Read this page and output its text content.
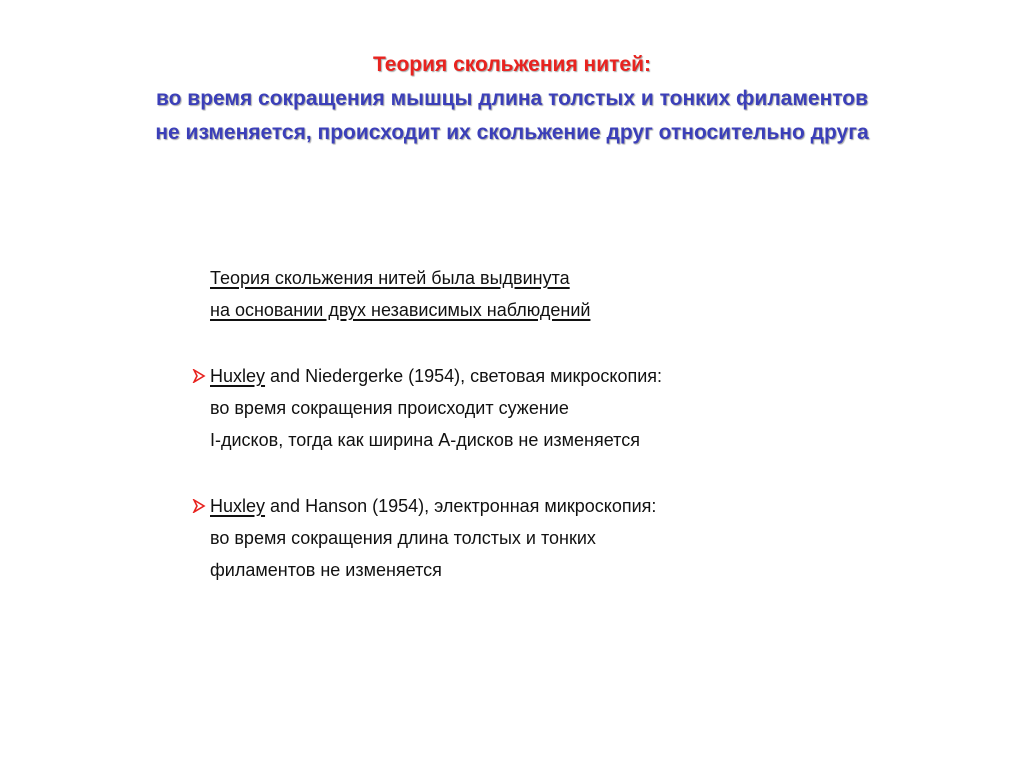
Теория скольжения нитей:
во время сокращения мышцы длина толстых и тонких филаментов
не изменяется, происходит их скольжение друг относительно друга
Теория скольжения нитей была выдвинута
на основании двух независимых наблюдений
Huxley and Niedergerke (1954), световая микроскопия:
во время сокращения происходит сужение
I-дисков, тогда как ширина А-дисков не изменяется
Huxley and Hanson (1954), электронная микроскопия:
во время сокращения длина толстых и тонких
филаментов не изменяется
